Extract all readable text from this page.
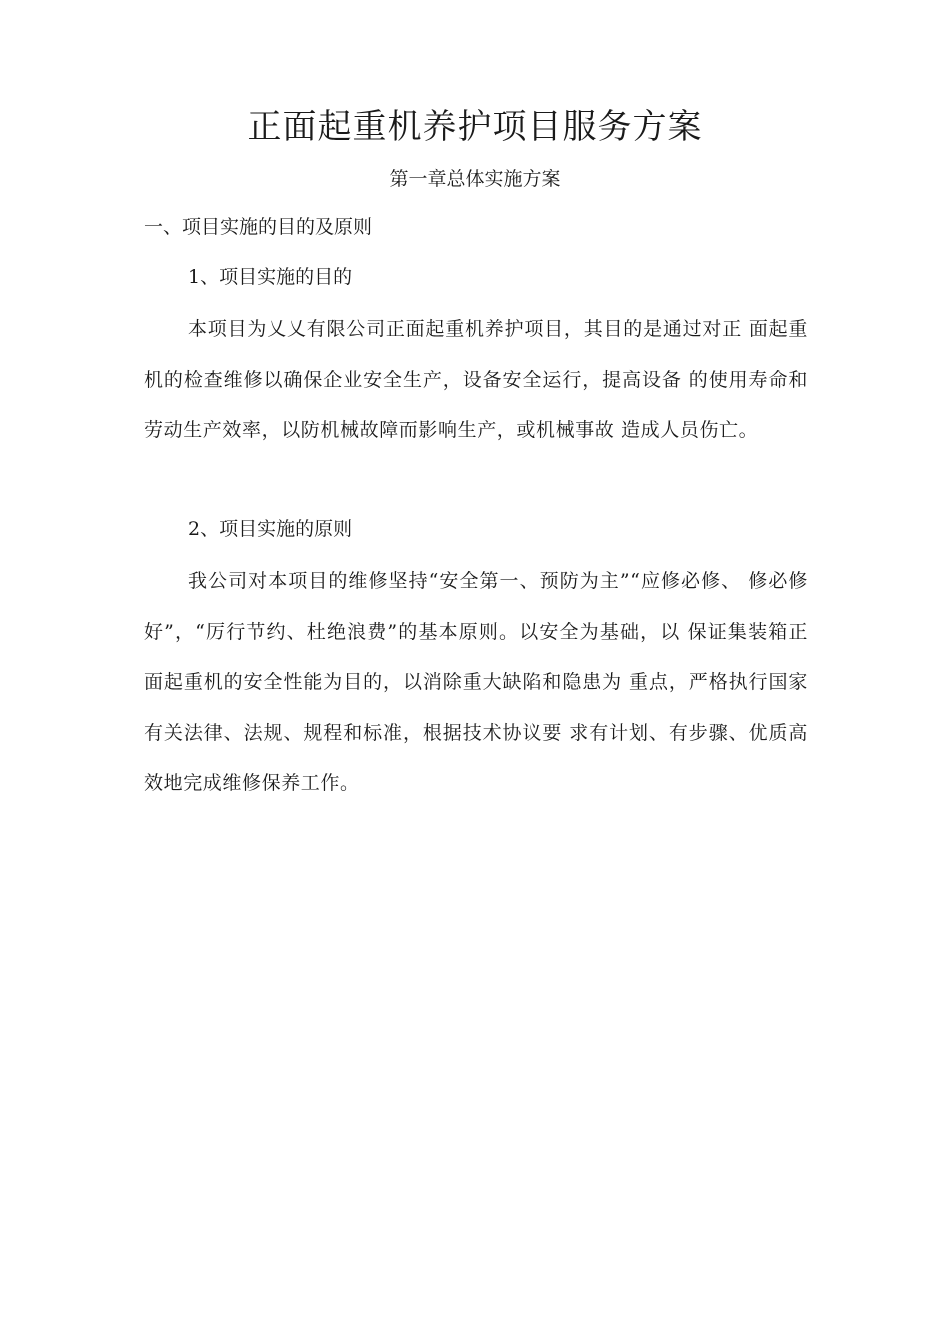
正面起重机养护项目服务方案
第一章总体实施方案
一、项目实施的目的及原则
1、项目实施的目的

本项目为乂乂有限公司正面起重机养护项目，其目的是通过对正 面起重机的检查维修以确保企业安全生产，设备安全运行，提高设备 的使用寿命和劳动生产效率，以防机械故障而影响生产，或机械事故 造成人员伤亡。

2、项目实施的原则

我公司对本项目的维修坚持“安全第一、预防为主”“应修必修、 修必修好”，“厉行节约、杜绝浪费”的基本原则。以安全为基础，以 保证集装箱正面起重机的安全性能为目的，以消除重大缺陷和隐患为 重点，严格执行国家有关法律、法规、规程和标准，根据技术协议要 求有计划、有步骤、优质高效地完成维修保养工作。
